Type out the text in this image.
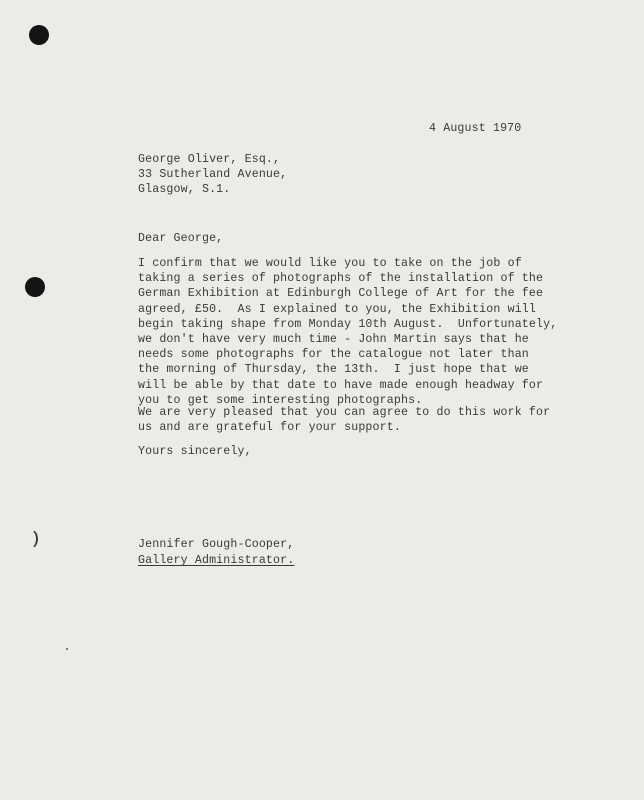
4 August 1970
George Oliver, Esq.,
33 Sutherland Avenue,
Glasgow, S.1.
Dear George,
I confirm that we would like you to take on the job of
taking a series of photographs of the installation of the
German Exhibition at Edinburgh College of Art for the fee
agreed, £50.  As I explained to you, the Exhibition will
begin taking shape from Monday 10th August.  Unfortunately,
we don't have very much time - John Martin says that he
needs some photographs for the catalogue not later than
the morning of Thursday, the 13th.  I just hope that we
will be able by that date to have made enough headway for
you to get some interesting photographs.
We are very pleased that you can agree to do this work for
us and are grateful for your support.
Yours sincerely,
Jennifer Gough-Cooper,
Gallery Administrator.
